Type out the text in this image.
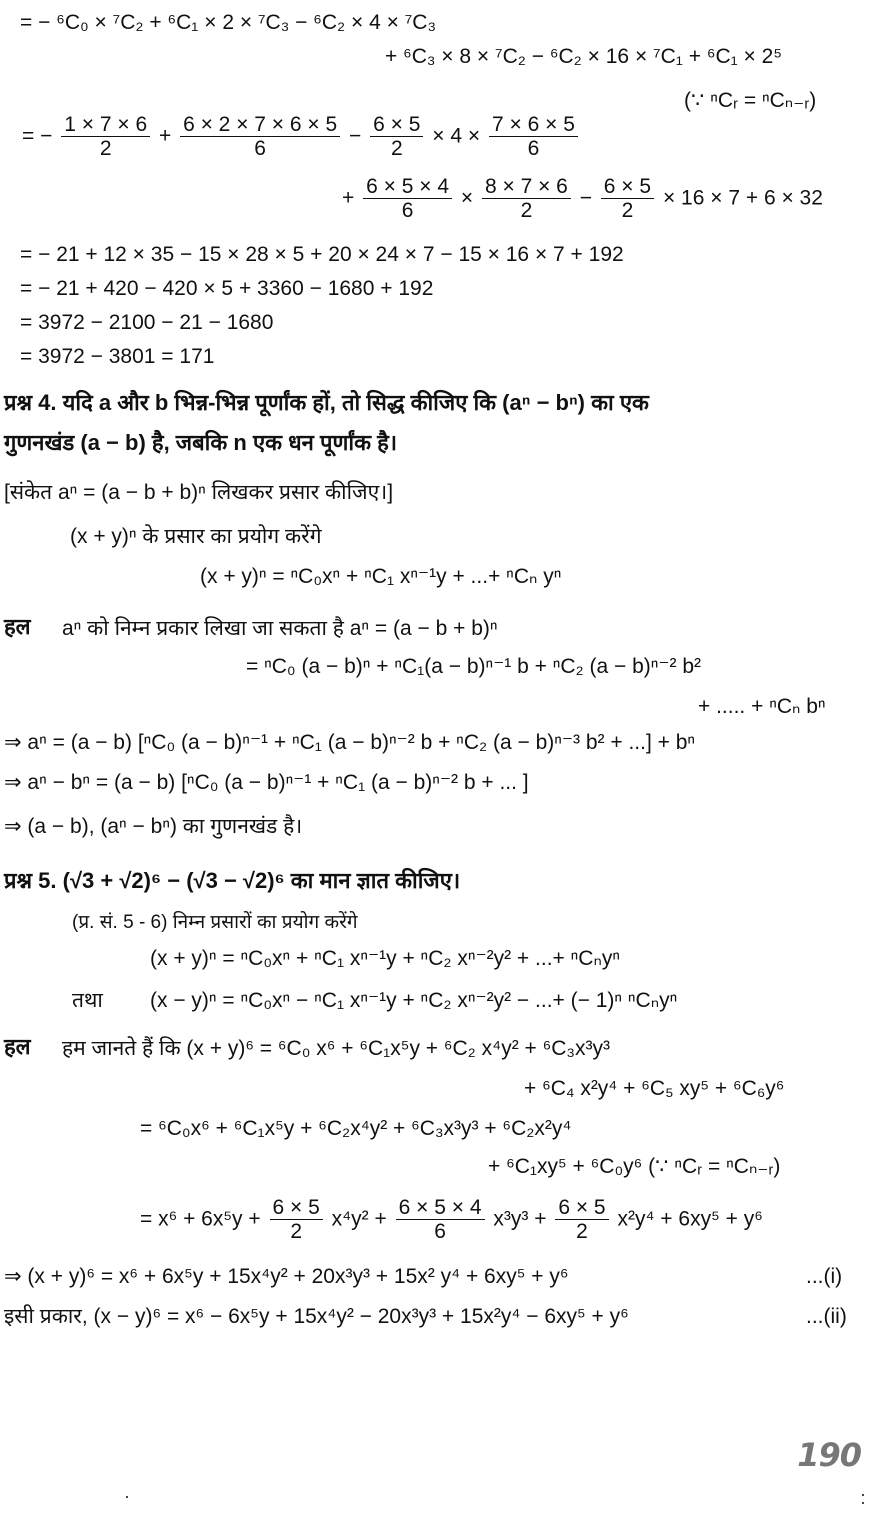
= − ⁶C₀ × ⁷C₂ + ⁶C₁ × 2 × ⁷C₃ − ⁶C₂ × 4 × ⁷C₃
+ ⁶C₃ × 8 × ⁷C₂ − ⁶C₂ × 16 × ⁷C₁ + ⁶C₁ × 2⁵
(∵ ⁿCᵣ = ⁿCₙ₋ᵣ)
= − $\frac{1 \times 7 \times 6}{2} + \frac{6 \times 2 \times 7 \times 6 \times 5}{6} - \frac{6 \times 5}{2} \times 4 \times \frac{7 \times 6 \times 5}{6}$
+ $\frac{6 \times 5 \times 4}{6} \times \frac{8 \times 7 \times 6}{2} - \frac{6 \times 5}{2} \times 16 \times 7 + 6 \times 32$
= − 21 + 12 × 35 − 15 × 28 × 5 + 20 × 24 × 7 − 15 × 16 × 7 + 192
= − 21 + 420 − 420 × 5 + 3360 − 1680 + 192
= 3972 − 2100 − 21 − 1680
= 3972 − 3801 = 171
प्रश्न 4. यदि a और b भिन्न-भिन्न पूर्णांक हों, तो सिद्ध कीजिए कि (aⁿ − bⁿ) का एक
गुणनखंड (a − b) है, जबकि n एक धन पूर्णांक है।
[संकेत aⁿ = (a − b + b)ⁿ लिखकर प्रसार कीजिए।]
(x + y)ⁿ के प्रसार का प्रयोग करेंगे
(x + y)ⁿ = ⁿC₀xⁿ + ⁿC₁ xⁿ⁻¹y + ...+ ⁿCₙ yⁿ
हल aⁿ को निम्न प्रकार लिखा जा सकता है aⁿ = (a − b + b)ⁿ
= ⁿC₀ (a − b)ⁿ + ⁿC₁(a − b)ⁿ⁻¹ b + ⁿC₂ (a − b)ⁿ⁻² b²
+ ..... + ⁿCₙ bⁿ
⇒ aⁿ = (a − b) [ⁿC₀ (a − b)ⁿ⁻¹ + ⁿC₁ (a − b)ⁿ⁻² b + ⁿC₂ (a − b)ⁿ⁻³ b² + ...] + bⁿ
⇒ aⁿ − bⁿ = (a − b) [ⁿC₀ (a − b)ⁿ⁻¹ + ⁿC₁ (a − b)ⁿ⁻² b + ... ]
⇒ (a − b), (aⁿ − bⁿ) का गुणनखंड है।
प्रश्न 5. (√3 + √2)⁶ − (√3 − √2)⁶ का मान ज्ञात कीजिए।
(प्र. सं. 5 - 6) निम्न प्रसारों का प्रयोग करेंगे
(x + y)ⁿ = ⁿC₀xⁿ + ⁿC₁ xⁿ⁻¹y + ⁿC₂ xⁿ⁻²y² + ...+ ⁿCₙyⁿ
तथा (x − y)ⁿ = ⁿC₀xⁿ − ⁿC₁ xⁿ⁻¹y + ⁿC₂ xⁿ⁻²y² − ...+ (− 1)ⁿ ⁿCₙyⁿ
हल हम जानते हैं कि (x + y)⁶ = ⁶C₀ x⁶ + ⁶C₁x⁵y + ⁶C₂ x⁴y² + ⁶C₃x³y³
+ ⁶C₄ x²y⁴ + ⁶C₅ xy⁵ + ⁶C₆y⁶
= ⁶C₀x⁶ + ⁶C₁x⁵y + ⁶C₂x⁴y² + ⁶C₃x³y³ + ⁶C₂x²y⁴
+ ⁶C₁xy⁵ + ⁶C₀y⁶ (∵ ⁿCᵣ = ⁿCₙ₋ᵣ)
= $x^6 + 6x^5y + \frac{6 \times 5}{2} x^4y^2 + \frac{6 \times 5 \times 4}{6} x^3y^3 + \frac{6 \times 5}{2} x^2y^4 + 6xy^5 + y^6$
⇒ (x + y)⁶ = x⁶ + 6x⁵y + 15x⁴y² + 20x³y³ + 15x² y⁴ + 6xy⁵ + y⁶	...(i)
इसी प्रकार, (x − y)⁶ = x⁶ − 6x⁵y + 15x⁴y² − 20x³y³ + 15x²y⁴ − 6xy⁵ + y⁶	...(ii)
190
